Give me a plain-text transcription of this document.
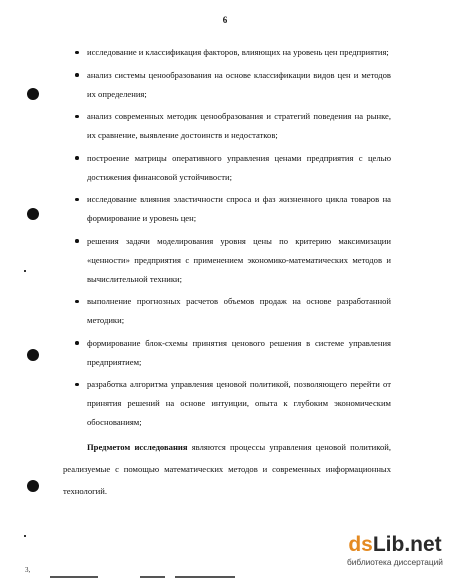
6
исследование и классификация факторов, влияющих на уровень цен предприятия;
анализ системы ценообразования на основе классификации видов цен и методов их определения;
анализ современных методик ценообразования и стратегий поведения на рынке, их сравнение, выявление достоинств и недостатков;
построение матрицы оперативного управления ценами предприятия с целью достижения финансовой устойчивости;
исследование влияния эластичности спроса и фаз жизненного цикла товаров на формирование и уровень цен;
решения задачи моделирования уровня цены по критерию максимизации «ценности» предприятия с применением экономико-математических методов и вычислительной техники;
выполнение прогнозных расчетов объемов продаж на основе разработанной методики;
формирование блок-схемы принятия ценового решения в системе управления предприятием;
разработка алгоритма управления ценовой политикой, позволяющего перейти от принятия решений на основе интуиции, опыта к глубоким экономическим обоснованиям;

Предметом исследования являются процессы управления ценовой политикой, реализуемые с помощью математических методов и современных информационных технологий.

3,
ds Lib.net
библиотека диссертаций
